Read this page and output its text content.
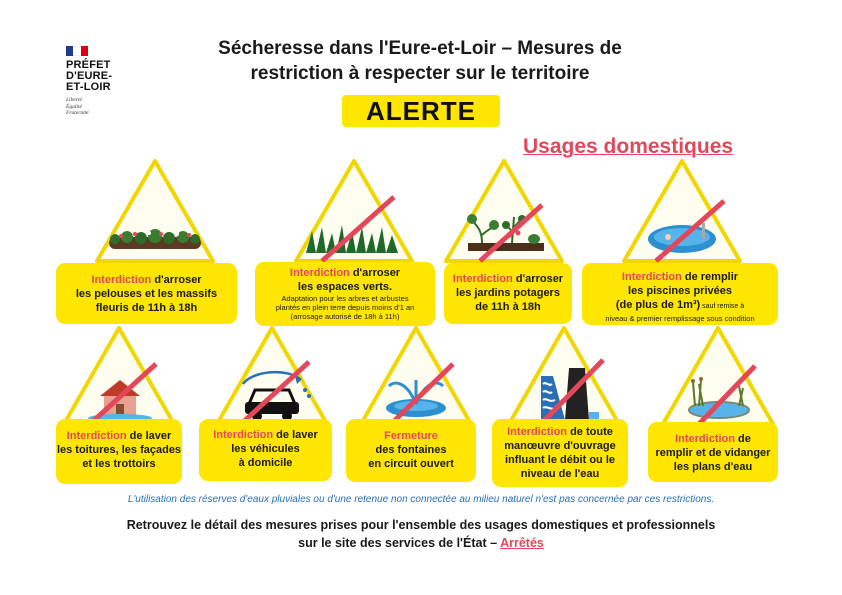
PRÉFET
D'EURE-
ET-LOIR
Liberté
Égalité
Fraternité
Sécheresse dans l'Eure-et-Loir – Mesures de
restriction à respecter sur le territoire
ALERTE
Usages domestiques
Interdiction d'arroser
les pelouses et les massifs
fleuris de 11h à 18h
Interdiction d'arroser
les espaces verts.
Adaptation pour les arbres et arbustes
plantés en plein terre depuis moins d'1 an
(arrosage autorisé de 18h à 11h)
Interdiction d'arroser
les jardins potagers
de 11h à 18h
Interdiction de remplir
les piscines privées
(de plus de 1m³) sauf remise à
niveau & premier remplissage sous condition
Interdiction de laver
les toitures, les façades
et les trottoirs
Interdiction de laver
les véhicules
à domicile
Fermeture
des fontaines
en circuit ouvert
Interdiction de toute
manœuvre d'ouvrage
influant le débit ou le
niveau de l'eau
Interdiction de
remplir et de vidanger
les plans d'eau
L'utilisation des réserves d'eaux pluviales ou d'une retenue non connectée au milieu naturel n'est pas concernée par ces restrictions.
Retrouvez le détail des mesures prises pour l'ensemble des usages domestiques et professionnels
sur le site des services de l'État – Arrêtés
